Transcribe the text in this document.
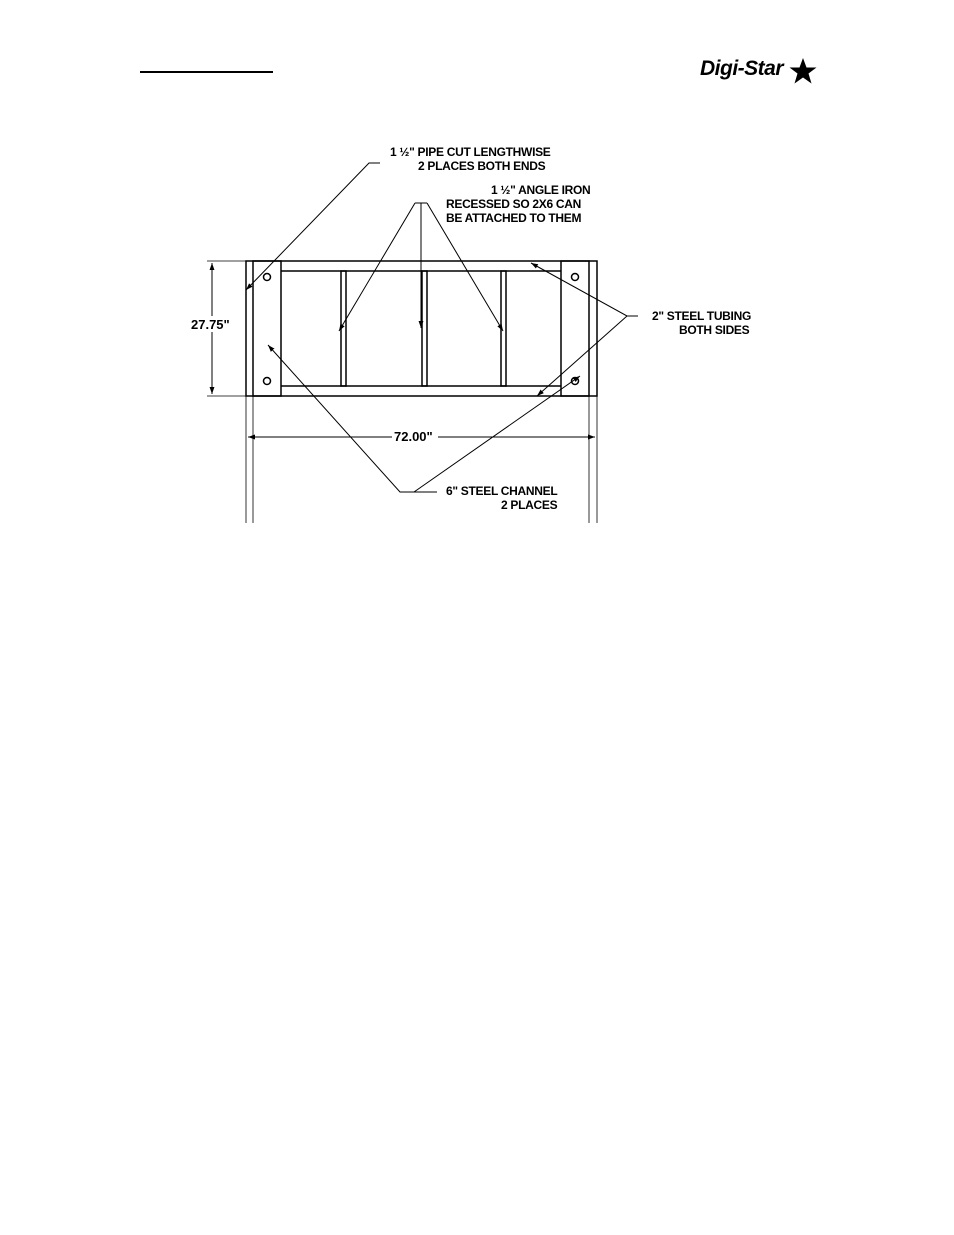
Digi-Star
27.75"
72.00"
1 ½" PIPE CUT LENGTHWISE
2 PLACES BOTH ENDS
1 ½" ANGLE IRON
RECESSED SO 2X6 CAN
BE ATTACHED TO THEM
2" STEEL TUBING
BOTH SIDES
6" STEEL CHANNEL
2 PLACES
